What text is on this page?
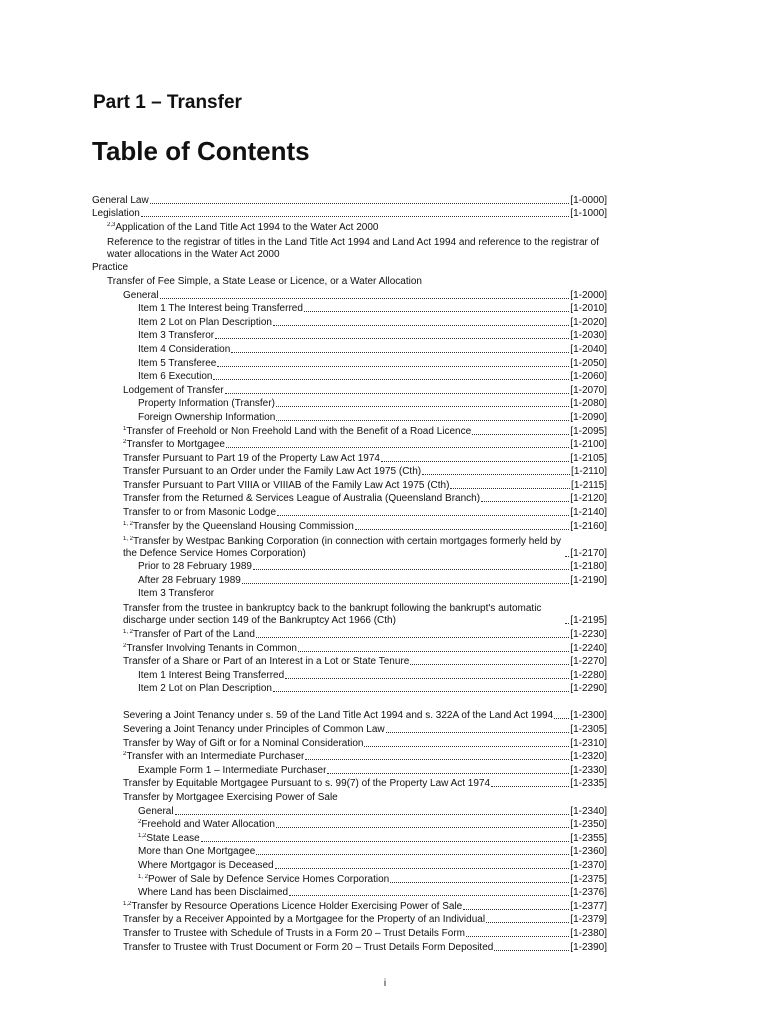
Part 1 – Transfer
Table of Contents
General Law	[1-0000]
Legislation	[1-1000]
$^{2,3}$Application of the Land Title Act 1994 to the Water Act 2000
Reference to the registrar of titles in the Land Title Act 1994 and Land Act 1994 and reference to the registrar of water allocations in the Water Act 2000
Practice
Transfer of Fee Simple, a State Lease or Licence, or a Water Allocation
General	[1-2000]
Item 1 The Interest being Transferred	[1-2010]
Item 2 Lot on Plan Description	[1-2020]
Item 3 Transferor	[1-2030]
Item 4 Consideration	[1-2040]
Item 5 Transferee	[1-2050]
Item 6 Execution	[1-2060]
Lodgement of Transfer	[1-2070]
Property Information (Transfer)	[1-2080]
Foreign Ownership Information	[1-2090]
$^1$Transfer of Freehold or Non Freehold Land with the Benefit of a Road Licence	[1-2095]
$^2$Transfer to Mortgagee	[1-2100]
Transfer Pursuant to Part 19 of the Property Law Act 1974	[1-2105]
Transfer Pursuant to an Order under the Family Law Act 1975 (Cth)	[1-2110]
Transfer Pursuant to Part VIIIA or VIIIAB of the Family Law Act 1975 (Cth)	[1-2115]
Transfer from the Returned & Services League of Australia (Queensland Branch)	[1-2120]
Transfer to or from Masonic Lodge	[1-2140]
$^{1, 2}$Transfer by the Queensland Housing Commission	[1-2160]
$^{1, 2}$Transfer by Westpac Banking Corporation (in connection with certain mortgages formerly held by the Defence Service Homes Corporation)	[1-2170]
Prior to 28 February 1989	[1-2180]
After 28 February 1989	[1-2190]
Item 3 Transferor
Transfer from the trustee in bankruptcy back to the bankrupt following the bankrupt's automatic discharge under section 149 of the Bankruptcy Act 1966 (Cth)	[1-2195]
$^{1, 2}$Transfer of Part of the Land	[1-2230]
$^2$Transfer Involving Tenants in Common	[1-2240]
Transfer of a Share or Part of an Interest in a Lot or State Tenure	[1-2270]
Item 1 Interest Being Transferred	[1-2280]
Item 2 Lot on Plan Description	[1-2290]
Severing a Joint Tenancy under s. 59 of the Land Title Act 1994 and s. 322A of the Land Act 1994 [1-2300]
Severing a Joint Tenancy under Principles of Common Law	[1-2305]
Transfer by Way of Gift or for a Nominal Consideration	[1-2310]
$^2$Transfer with an Intermediate Purchaser	[1-2320]
Example Form 1 – Intermediate Purchaser	[1-2330]
Transfer by Equitable Mortgagee Pursuant to s. 99(7) of the Property Law Act 1974	[1-2335]
Transfer by Mortgagee Exercising Power of Sale
General	[1-2340]
$^2$Freehold and Water Allocation	[1-2350]
$^{1,2}$State Lease	[1-2355]
More than One Mortgagee	[1-2360]
Where Mortgagor is Deceased	[1-2370]
$^{1, 2}$Power of Sale by Defence Service Homes Corporation	[1-2375]
Where Land has been Disclaimed	[1-2376]
$^{1,2}$Transfer by Resource Operations Licence Holder Exercising Power of Sale	[1-2377]
Transfer by a Receiver Appointed by a Mortgagee for the Property of an Individual	[1-2379]
Transfer to Trustee with Schedule of Trusts in a Form 20 – Trust Details Form	[1-2380]
Transfer to Trustee with Trust Document or Form 20 – Trust Details Form Deposited	[1-2390]
i
